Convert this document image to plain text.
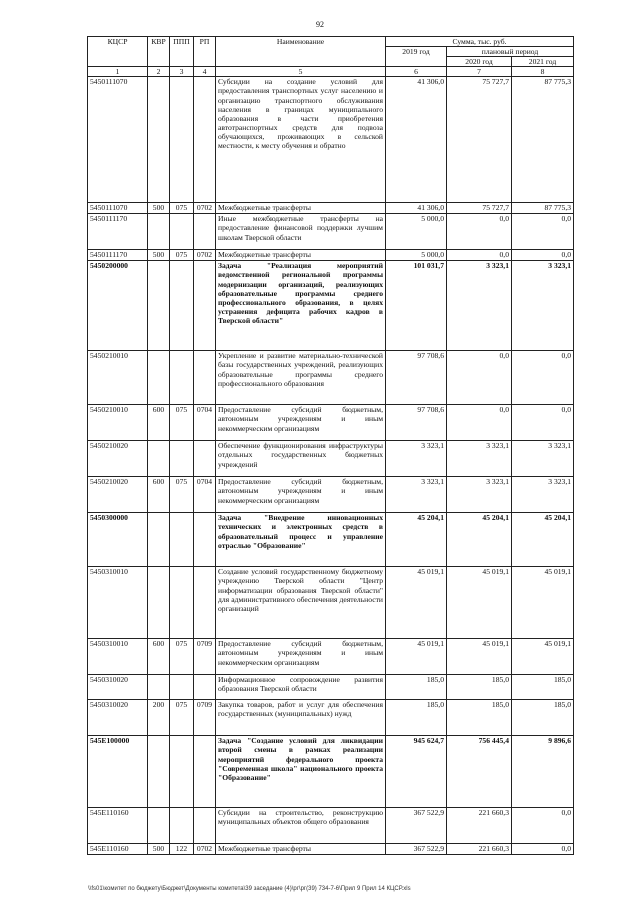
92
КЦСР	КВР	ППП	РП	Наименование	Сумма, тыс. руб.		
					2019 год	плановый период	
						2020 год	2021 год
1	2	3	4	5	6	7	8
5450111070				Субсидии на создание условий для предоставления транспортных услуг населению и организацию транспортного обслуживания населения в границах муниципального образования в части приобретения автотранспортных средств для подвоза обучающихся, проживающих в сельской местности, к месту обучения и обратно	41 306,0	75 727,7	87 775,3
5450111070	500	075	0702	Межбюджетные трансферты	41 306,0	75 727,7	87 775,3
5450111170				Иные межбюджетные трансферты на предоставление финансовой поддержки лучшим школам Тверской области	5 000,0	0,0	0,0
5450111170	500	075	0702	Межбюджетные трансферты	5 000,0	0,0	0,0
5450200000				Задача "Реализация мероприятий ведомственной региональной программы модернизации организаций, реализующих образовательные программы среднего профессионального образования, в целях устранения дефицита рабочих кадров в Тверской области"	101 031,7	3 323,1	3 323,1
5450210010				Укрепление и развитие материально-технической базы государственных учреждений, реализующих образовательные программы среднего профессионального образования	97 708,6	0,0	0,0
5450210010	600	075	0704	Предоставление субсидий бюджетным, автономным учреждениям и иным некоммерческим организациям	97 708,6	0,0	0,0
5450210020				Обеспечение функционирования инфраструктуры отдельных государственных бюджетных учреждений	3 323,1	3 323,1	3 323,1
5450210020	600	075	0704	Предоставление субсидий бюджетным, автономным учреждениям и иным некоммерческим организациям	3 323,1	3 323,1	3 323,1
5450300000				Задача "Внедрение инновационных технических и электронных средств в образовательный процесс и управление отраслью "Образование"	45 204,1	45 204,1	45 204,1
5450310010				Создание условий государственному бюджетному учреждению Тверской области "Центр информатизации образования Тверской области" для административного обеспечения деятельности организаций	45 019,1	45 019,1	45 019,1
5450310010	600	075	0709	Предоставление субсидий бюджетным, автономным учреждениям и иным некоммерческим организациям	45 019,1	45 019,1	45 019,1
5450310020				Информационное сопровождение развития образования Тверской области	185,0	185,0	185,0
5450310020	200	075	0709	Закупка товаров, работ и услуг для обеспечения государственных (муниципальных) нужд	185,0	185,0	185,0
545E100000				Задача "Создание условий для ликвидации второй смены в рамках реализации мероприятий федерального проекта "Современная школа" национального проекта "Образование"	945 624,7	756 445,4	9 896,6
545E110160				Субсидии на строительство, реконструкцию муниципальных объектов общего образования	367 522,9	221 660,3	0,0
545E110160	500	122	0702	Межбюджетные трансферты	367 522,9	221 660,3	0,0
\\fs01\комитет по бюджету\Бюджет\Документы комитета\39 заседание (4)\рг\рг(39) 734-7-6\Прил 9 Прил 14 КЦСР.xls
